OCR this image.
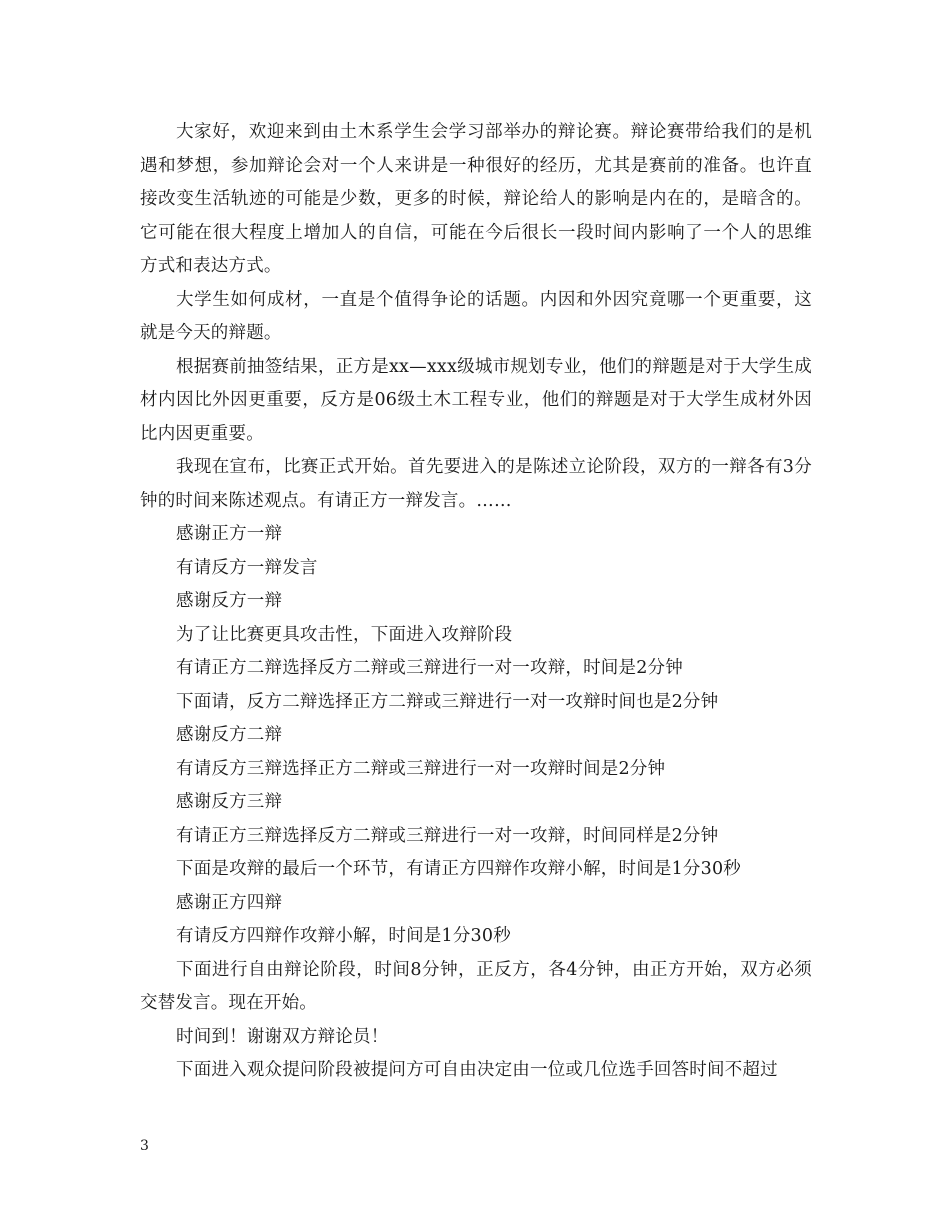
大家好，欢迎来到由土木系学生会学习部举办的辩论赛。辩论赛带给我们的是机遇和梦想，参加辩论会对一个人来讲是一种很好的经历，尤其是赛前的准备。也许直接改变生活轨迹的可能是少数，更多的时候，辩论给人的影响是内在的，是暗含的。它可能在很大程度上增加人的自信，可能在今后很长一段时间内影响了一个人的思维方式和表达方式。

大学生如何成材，一直是个值得争论的话题。内因和外因究竟哪一个更重要，这就是今天的辩题。

根据赛前抽签结果，正方是xx—xxx级城市规划专业，他们的辩题是对于大学生成材内因比外因更重要，反方是06级土木工程专业，他们的辩题是对于大学生成材外因比内因更重要。

我现在宣布，比赛正式开始。首先要进入的是陈述立论阶段，双方的一辩各有3分钟的时间来陈述观点。有请正方一辩发言。……

感谢正方一辩

有请反方一辩发言

感谢反方一辩

为了让比赛更具攻击性，下面进入攻辩阶段

有请正方二辩选择反方二辩或三辩进行一对一攻辩，时间是2分钟

下面请，反方二辩选择正方二辩或三辩进行一对一攻辩时间也是2分钟

感谢反方二辩

有请反方三辩选择正方二辩或三辩进行一对一攻辩时间是2分钟

感谢反方三辩

有请正方三辩选择反方二辩或三辩进行一对一攻辩，时间同样是2分钟

下面是攻辩的最后一个环节，有请正方四辩作攻辩小解，时间是1分30秒

感谢正方四辩

有请反方四辩作攻辩小解，时间是1分30秒

下面进行自由辩论阶段，时间8分钟，正反方，各4分钟，由正方开始，双方必须交替发言。现在开始。

时间到！谢谢双方辩论员！

下面进入观众提问阶段被提问方可自由决定由一位或几位选手回答时间不超过

3
